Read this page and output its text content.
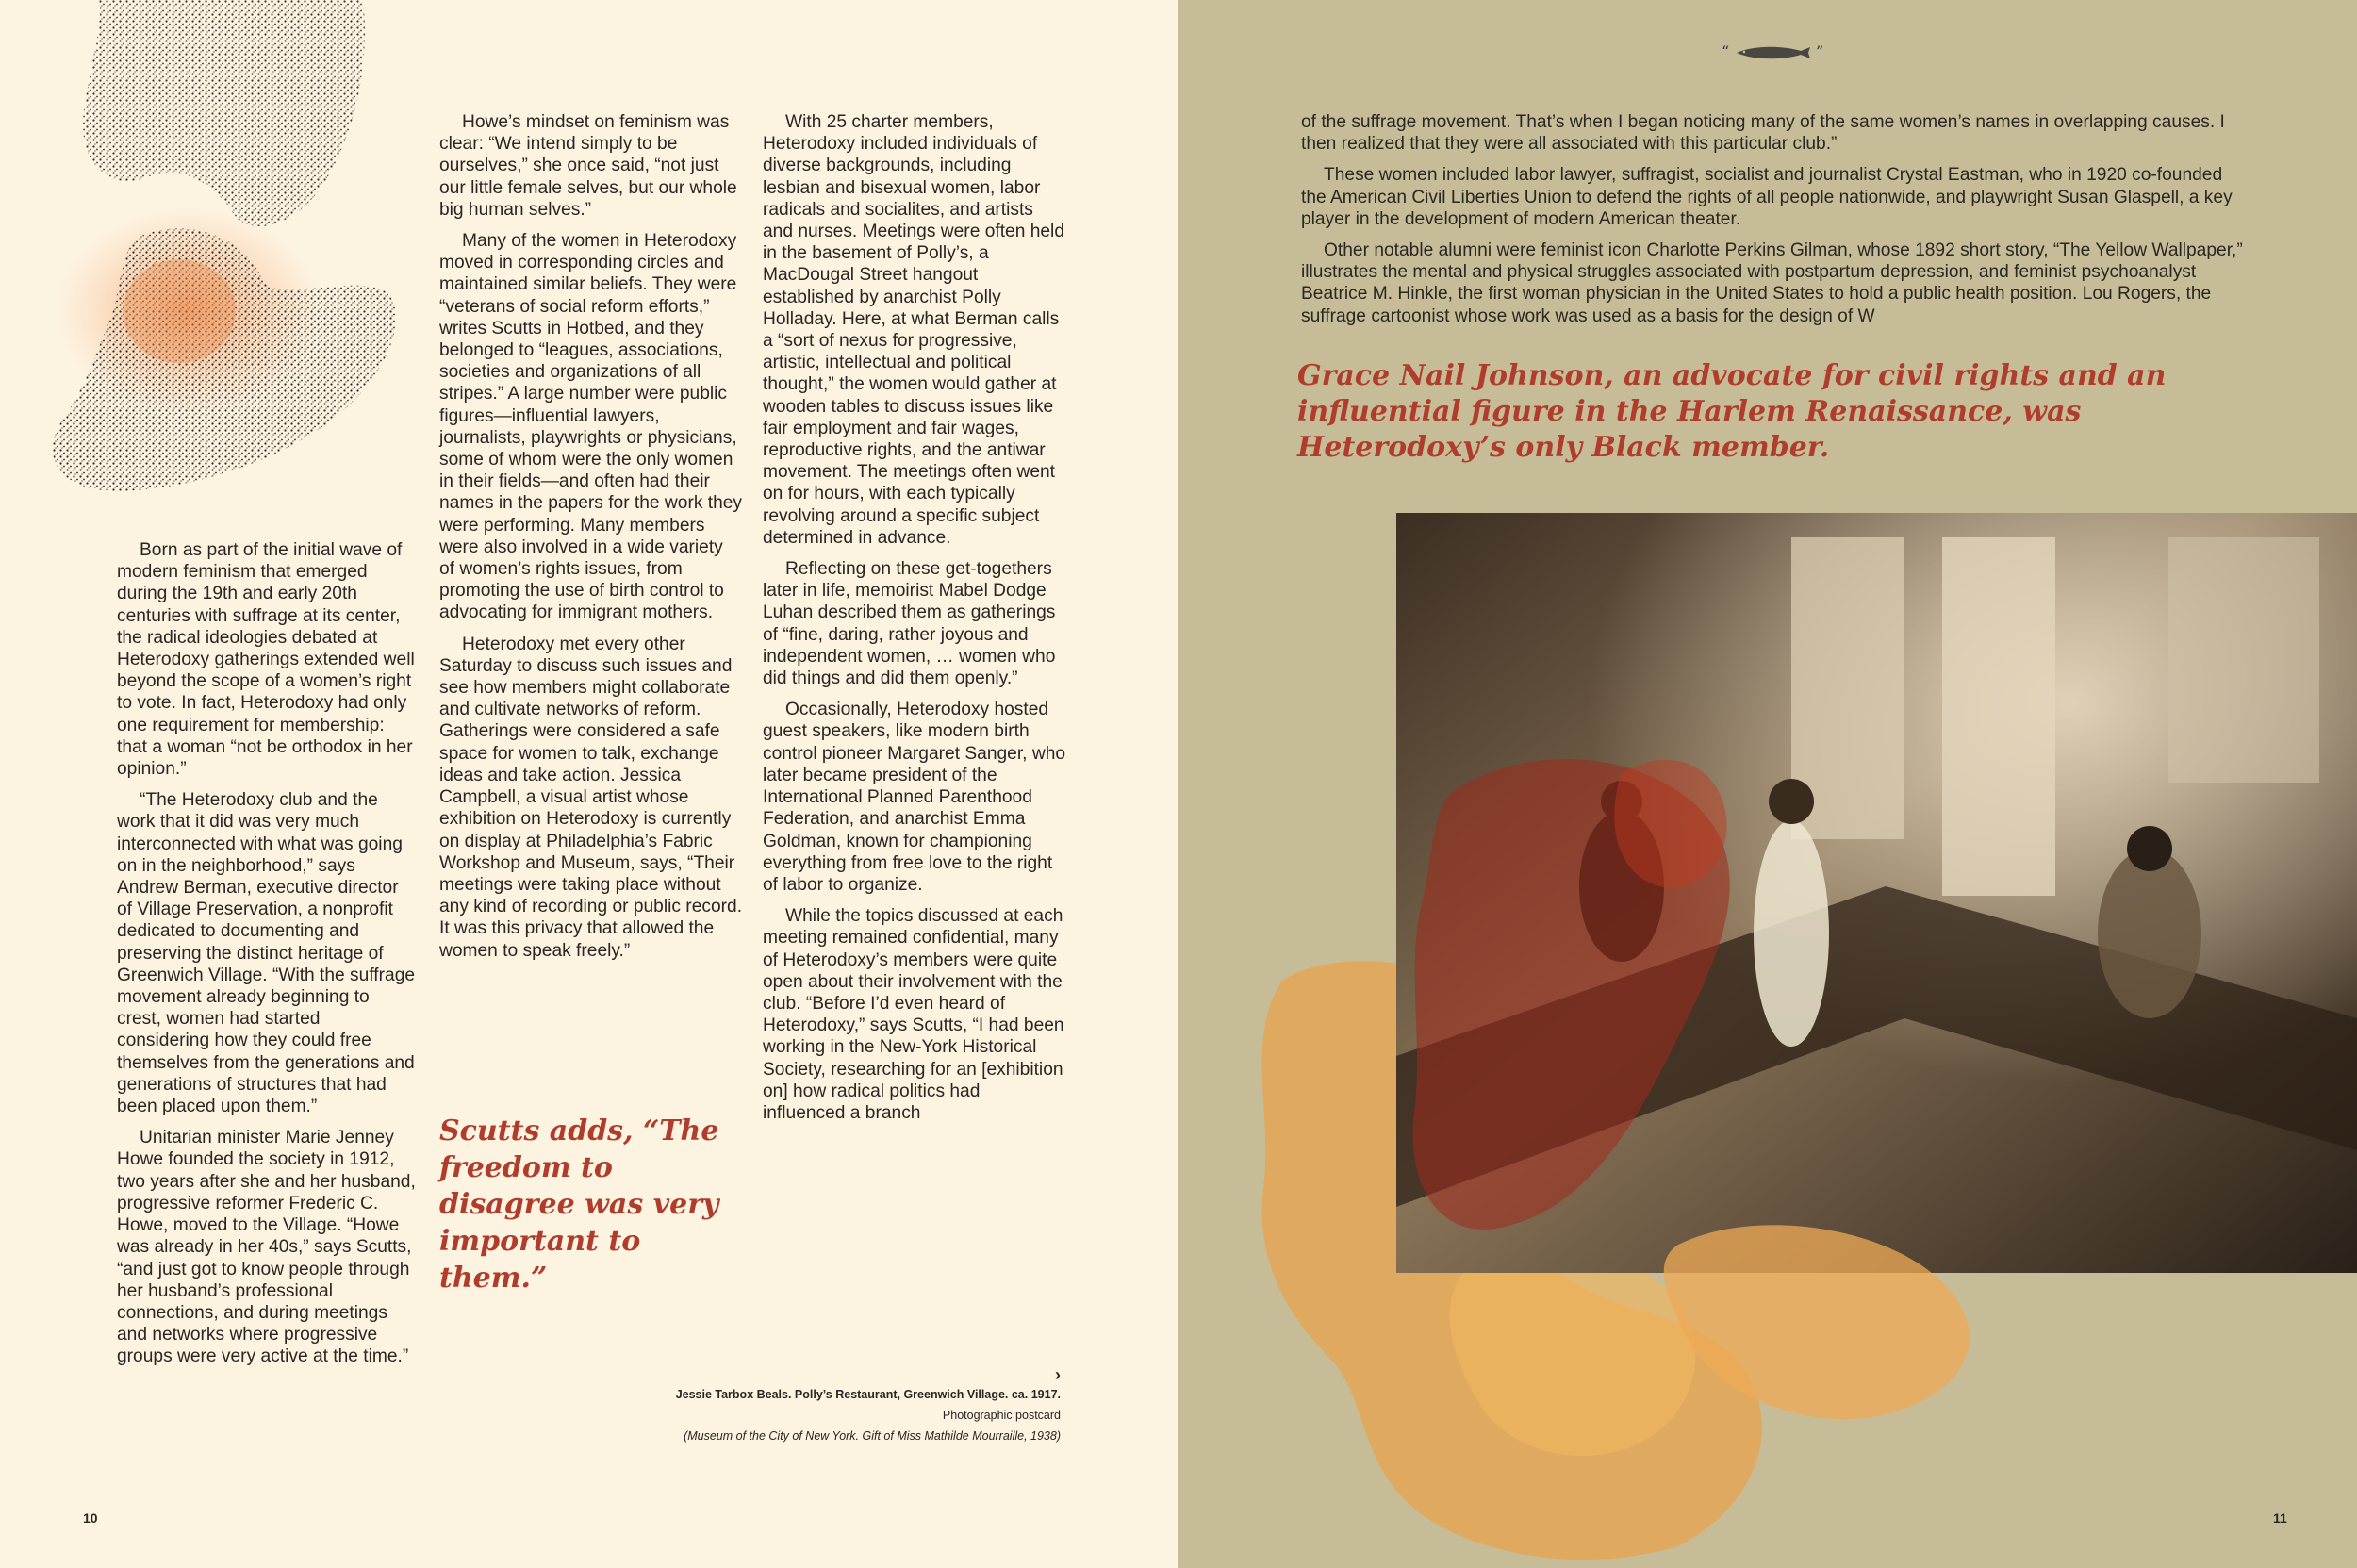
Born as part of the initial wave of modern feminism that emerged during the 19th and early 20th centuries with suffrage at its center, the radical ideologies debated at Heterodoxy gatherings extended well beyond the scope of a women’s right to vote. In fact, Heterodoxy had only one requirement for membership: that a woman “not be orthodox in her opinion.”

“The Heterodoxy club and the work that it did was very much interconnected with what was going on in the neighborhood,” says Andrew Berman, executive director of Village Preservation, a nonprofit dedicated to documenting and preserving the distinct heritage of Greenwich Village. “With the suffrage movement already beginning to crest, women had started considering how they could free themselves from the generations and generations of structures that had been placed upon them.”

Unitarian minister Marie Jenney Howe founded the society in 1912, two years after she and her husband, progressive reformer Frederic C. Howe, moved to the Village. “Howe was already in her 40s,” says Scutts, “and just got to know people through her husband’s professional connections, and during meetings and networks where progressive groups were very active at the time.”

Howe’s mindset on feminism was clear: “We intend simply to be ourselves,” she once said, “not just our little female selves, but our whole big human selves.”

Many of the women in Heterodoxy moved in corresponding circles and maintained similar beliefs. They were “veterans of social reform efforts,” writes Scutts in Hotbed, and they belonged to “leagues, associations, societies and organizations of all stripes.” A large number were public figures—influential lawyers, journalists, playwrights or physicians, some of whom were the only women in their fields—and often had their names in the papers for the work they were performing. Many members were also involved in a wide variety of women’s rights issues, from promoting the use of birth control to advocating for immigrant mothers.

Heterodoxy met every other Saturday to discuss such issues and see how members might collaborate and cultivate networks of reform. Gatherings were considered a safe space for women to talk, exchange ideas and take action. Jessica Campbell, a visual artist whose exhibition on Heterodoxy is currently on display at Philadelphia’s Fabric Workshop and Museum, says, “Their meetings were taking place without any kind of recording or public record. It was this privacy that allowed the women to speak freely.”

Scutts adds, “The freedom to disagree was very important to them.”

With 25 charter members, Heterodoxy included individuals of diverse backgrounds, including lesbian and bisexual women, labor radicals and socialites, and artists and nurses. Meetings were often held in the basement of Polly’s, a MacDougal Street hangout established by anarchist Polly Holladay. Here, at what Berman calls a “sort of nexus for progressive, artistic, intellectual and political thought,” the women would gather at wooden tables to discuss issues like fair employment and fair wages, reproductive rights, and the antiwar movement. The meetings often went on for hours, with each typically revolving around a specific subject determined in advance.

Reflecting on these get-togethers later in life, memoirist Mabel Dodge Luhan described them as gatherings of “fine, daring, rather joyous and independent women, … women who did things and did them openly.”

Occasionally, Heterodoxy hosted guest speakers, like modern birth control pioneer Margaret Sanger, who later became president of the International Planned Parenthood Federation, and anarchist Emma Goldman, known for championing everything from free love to the right of labor to organize.

While the topics discussed at each meeting remained confidential, many of Heterodoxy’s members were quite open about their involvement with the club. “Before I’d even heard of Heterodoxy,” says Scutts, “I had been working in the New-York Historical Society, researching for an [exhibition on] how radical politics had influenced a branch

›
Jessie Tarbox Beals. Polly’s Restaurant, Greenwich Village. ca. 1917.
Photographic postcard
(Museum of the City of New York. Gift of Miss Mathilde Mourraille, 1938)
10
“	”

of the suffrage movement. That’s when I began noticing many of the same women’s names in overlapping causes. I then realized that they were all associated with this particular club.”

These women included labor lawyer, suffragist, socialist and journalist Crystal Eastman, who in 1920 co-founded the American Civil Liberties Union to defend the rights of all people nationwide, and playwright Susan Glaspell, a key player in the development of modern American theater.

Other notable alumni were feminist icon Charlotte Perkins Gilman, whose 1892 short story, “The Yellow Wallpaper,” illustrates the mental and physical struggles associated with postpartum depression, and feminist psychoanalyst Beatrice M. Hinkle, the first woman physician in the United States to hold a public health position. Lou Rogers, the suffrage cartoonist whose work was used as a basis for the design of W

Grace Nail Johnson, an advocate for civil rights and an influential figure in the Harlem Renaissance, was Heterodoxy’s only Black member.
11
